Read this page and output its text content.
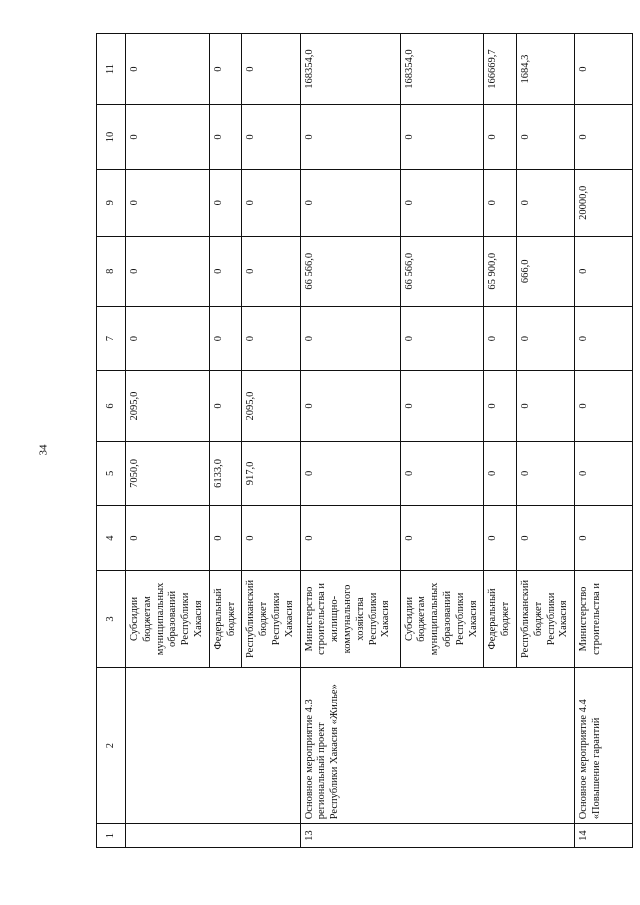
34
1	2	3	4	5	6	7	8	9	10	11
		Субсидии бюджетам муниципальных образований Республики Хакасия	0	7050,0	2095,0	0	0	0	0	0
		Федеральный бюджет	0	6133,0	0	0	0	0	0	0
		Республиканский бюджет Республики Хакасия	0	917,0	2095,0	0	0	0	0	0
13	Основное мероприятие 4.3 региональный проект Республики Хакасия «Жилье»	Министерство строительства и жилищно-коммунального хозяйства Республики Хакасия	0	0	0	0	66 566,0	0	0	168354,0
		Субсидии бюджетам муниципальных образований Республики Хакасия	0	0	0	0	66 566,0	0	0	168354,0
		Федеральный бюджет	0	0	0	0	65 900,0	0	0	166669,7
		Республиканский бюджет Республики Хакасия	0	0	0	0	666,0	0	0	1684,3
14	Основное мероприятие 4.4 «Повышение гарантий	Министерство строительства и	0	0	0	0	0	20000,0	0	0
